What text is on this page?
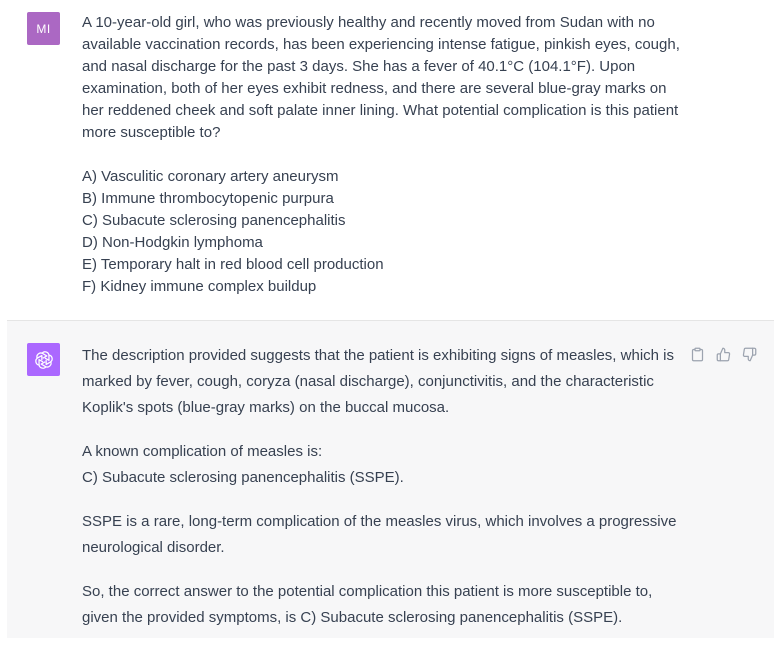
MI A 10-year-old girl, who was previously healthy and recently moved from Sudan with no available vaccination records, has been experiencing intense fatigue, pinkish eyes, cough, and nasal discharge for the past 3 days. She has a fever of 40.1°C (104.1°F). Upon examination, both of her eyes exhibit redness, and there are several blue-gray marks on her reddened cheek and soft palate inner lining. What potential complication is this patient more susceptible to?

A) Vasculitic coronary artery aneurysm
B) Immune thrombocytopenic purpura
C) Subacute sclerosing panencephalitis
D) Non-Hodgkin lymphoma
E) Temporary halt in red blood cell production
F) Kidney immune complex buildup

The description provided suggests that the patient is exhibiting signs of measles, which is marked by fever, cough, coryza (nasal discharge), conjunctivitis, and the characteristic Koplik's spots (blue-gray marks) on the buccal mucosa.

A known complication of measles is:
C) Subacute sclerosing panencephalitis (SSPE).

SSPE is a rare, long-term complication of the measles virus, which involves a progressive neurological disorder.

So, the correct answer to the potential complication this patient is more susceptible to, given the provided symptoms, is C) Subacute sclerosing panencephalitis (SSPE).
